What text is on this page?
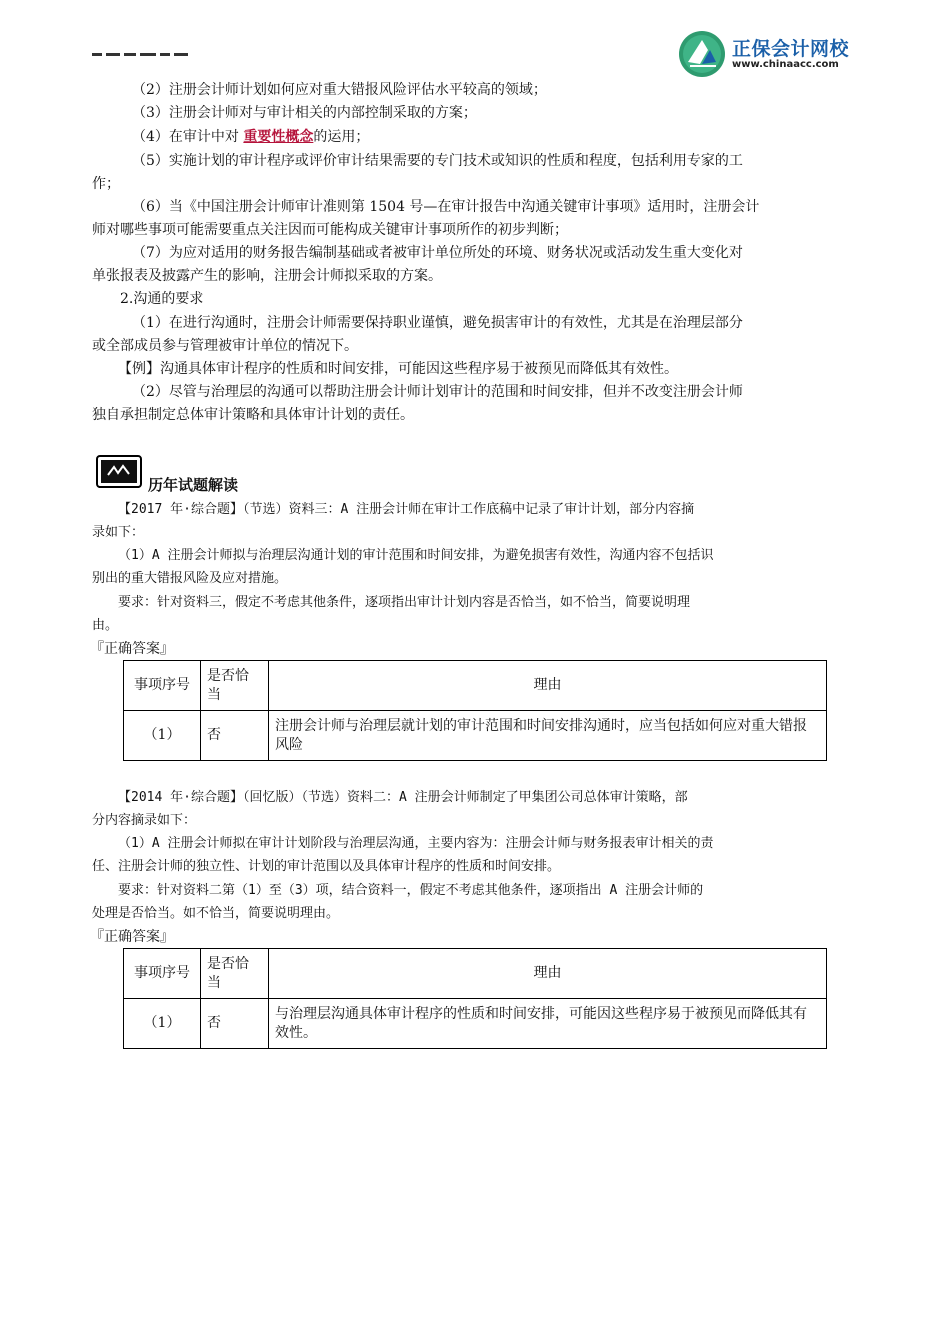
正保会计网校
www.chinaacc.com
（2）注册会计师计划如何应对重大错报风险评估水平较高的领域；
（3）注册会计师对与审计相关的内部控制采取的方案；
（4）在审计中对 重要性概念的运用；
（5）实施计划的审计程序或评价审计结果需要的专门技术或知识的性质和程度，包括利用专家的工
作；
（6）当《中国注册会计师审计准则第 1504 号—在审计报告中沟通关键审计事项》适用时，注册会计
师对哪些事项可能需要重点关注因而可能构成关键审计事项所作的初步判断；
（7）为应对适用的财务报告编制基础或者被审计单位所处的环境、财务状况或活动发生重大变化对
单张报表及披露产生的影响，注册会计师拟采取的方案。
2.沟通的要求
（1）在进行沟通时，注册会计师需要保持职业谨慎，避免损害审计的有效性，尤其是在治理层部分
或全部成员参与管理被审计单位的情况下。
【例】沟通具体审计程序的性质和时间安排，可能因这些程序易于被预见而降低其有效性。
（2）尽管与治理层的沟通可以帮助注册会计师计划审计的范围和时间安排，但并不改变注册会计师
独自承担制定总体审计策略和具体审计计划的责任。
历年试题解读
【2017 年·综合题】（节选）资料三：A 注册会计师在审计工作底稿中记录了审计计划，部分内容摘
录如下：
（1）A 注册会计师拟与治理层沟通计划的审计范围和时间安排，为避免损害有效性，沟通内容不包括识
别出的重大错报风险及应对措施。
要求：针对资料三，假定不考虑其他条件，逐项指出审计计划内容是否恰当，如不恰当，简要说明理
由。
『正确答案』
事项序号	是否恰当	理由
（1）	否	注册会计师与治理层就计划的审计范围和时间安排沟通时，应当包括如何应对重大错报风险
【2014 年·综合题】（回忆版）（节选）资料二：A 注册会计师制定了甲集团公司总体审计策略，部
分内容摘录如下：
（1）A 注册会计师拟在审计计划阶段与治理层沟通，主要内容为：注册会计师与财务报表审计相关的责
任、注册会计师的独立性、计划的审计范围以及具体审计程序的性质和时间安排。
要求：针对资料二第（1）至（3）项，结合资料一，假定不考虑其他条件，逐项指出 A 注册会计师的
处理是否恰当。如不恰当，简要说明理由。
『正确答案』
事项序号	是否恰当	理由
（1）	否	与治理层沟通具体审计程序的性质和时间安排，可能因这些程序易于被预见而降低其有效性。
